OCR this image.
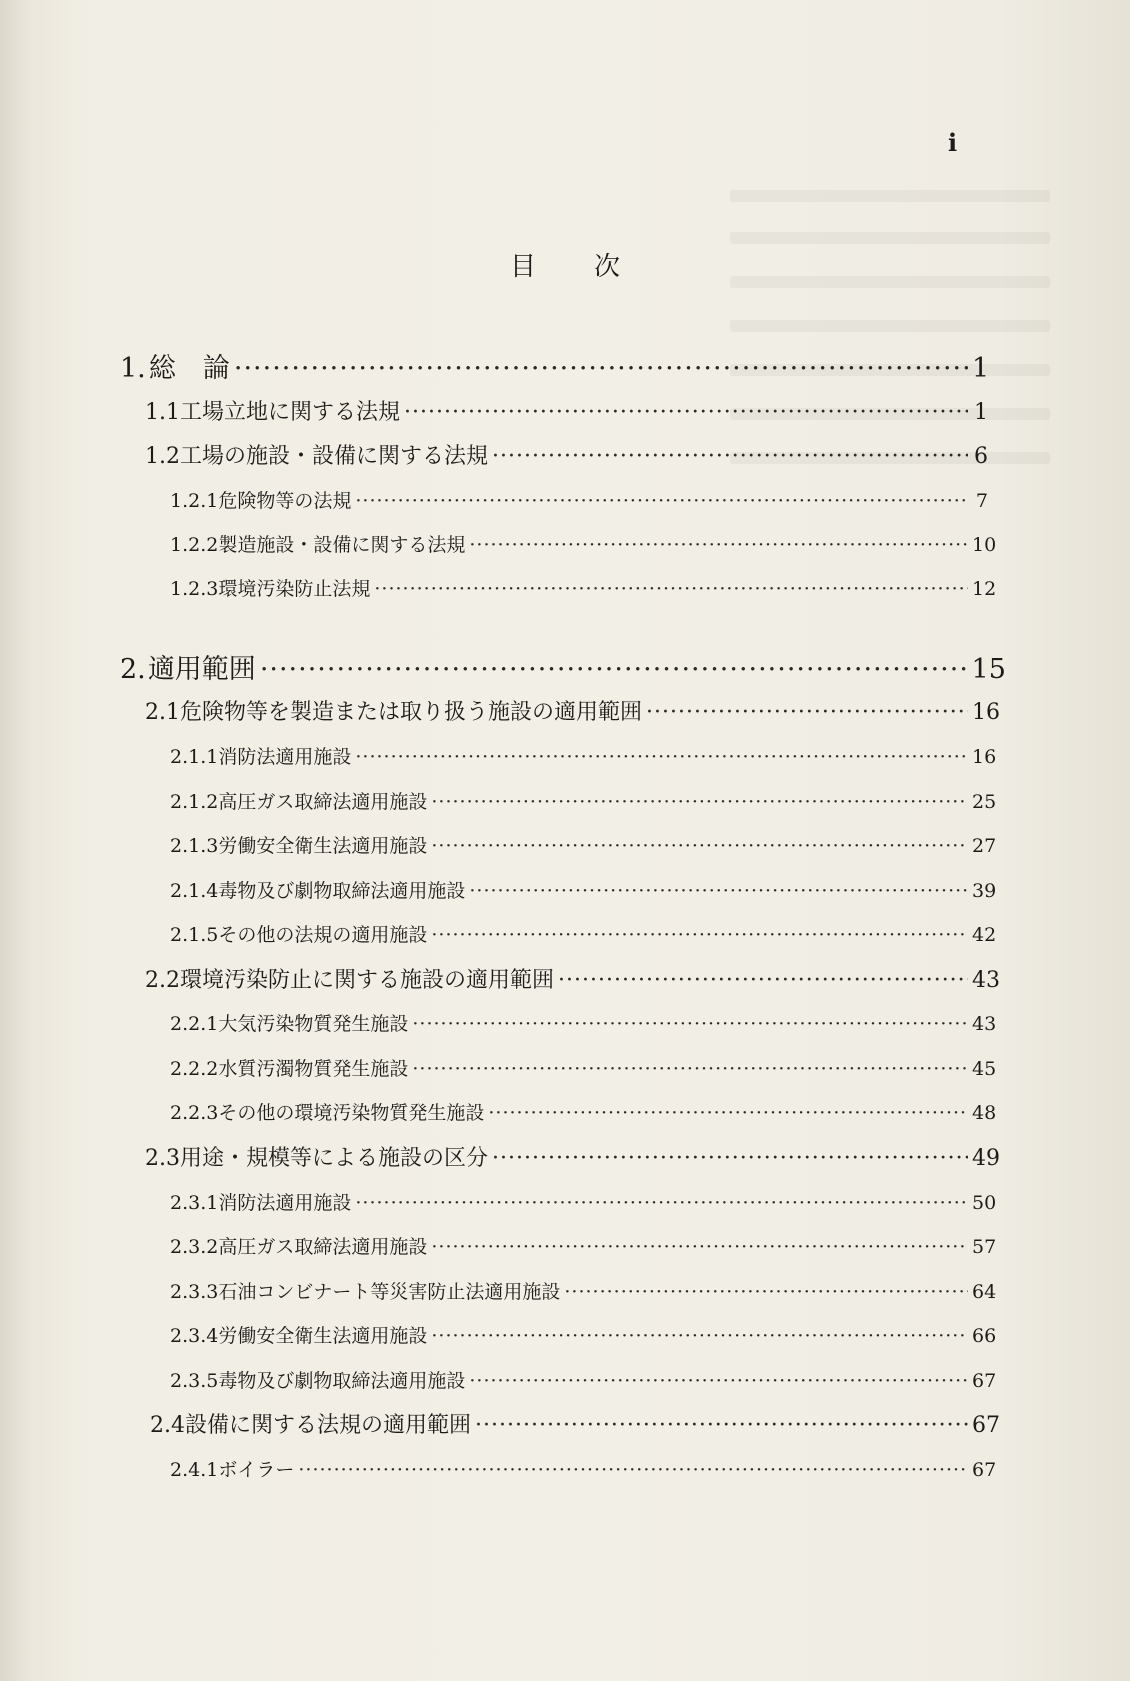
i
目次
1. 総　論 ·····	1
1.1 工場立地に関する法規 ·····	1
1.2 工場の施設・設備に関する法規 ·····	6
1.2.1 危険物等の法規 ·····	7
1.2.2 製造施設・設備に関する法規 ·····	10
1.2.3 環境汚染防止法規 ·····	12
2. 適用範囲 ·····	15
2.1 危険物等を製造または取り扱う施設の適用範囲 ·····	16
2.1.1 消防法適用施設 ·····	16
2.1.2 高圧ガス取締法適用施設 ·····	25
2.1.3 労働安全衛生法適用施設 ·····	27
2.1.4 毒物及び劇物取締法適用施設 ·····	39
2.1.5 その他の法規の適用施設 ·····	42
2.2 環境汚染防止に関する施設の適用範囲 ·····	43
2.2.1 大気汚染物質発生施設 ·····	43
2.2.2 水質汚濁物質発生施設 ·····	45
2.2.3 その他の環境汚染物質発生施設 ·····	48
2.3 用途・規模等による施設の区分 ·····	49
2.3.1 消防法適用施設 ·····	50
2.3.2 高圧ガス取締法適用施設 ·····	57
2.3.3 石油コンビナート等災害防止法適用施設 ·····	64
2.3.4 労働安全衛生法適用施設 ·····	66
2.3.5 毒物及び劇物取締法適用施設 ·····	67
2.4 設備に関する法規の適用範囲 ·····	67
2.4.1 ボイラー ·····	67
